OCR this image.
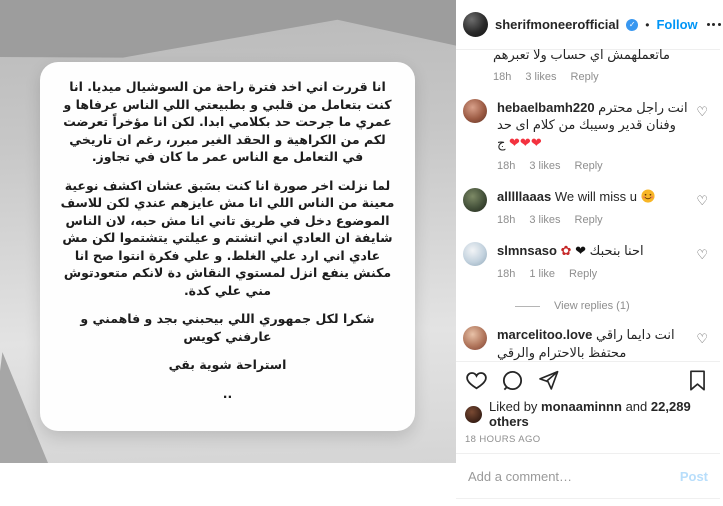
انا قررت اني اخد فترة راحة من السوشيال ميديا. انا كنت بتعامل من قلبي و بطبيعتي اللي الناس عرفاها و عمري ما جرحت حد بكلامي ابدا. لكن انا مؤخراً تعرضت لكم من الكراهية و الحقد الغير مبرر، رغم ان تاريخي في التعامل مع الناس عمر ما كان في تجاوز.

لما نزلت اخر صورة انا كنت بسَبق عشان اكشف نوعية معينة من الناس اللي انا مش عايزهم عندي لكن للاسف الموضوع دخل في طريق تاني انا مش حبه، لان الناس شايفة ان العادي اني اتشتم و عيلتي يتشتموا لكن مش عادي اني ارد علي الغلط. و علي فكرة انتوا صح انا مكنش ينفع انزل لمستوي النقاش دة لانكم متعودتوش مني علي كدة.

شكرا لكل جمهوري اللي بيحبني بجد و فاهمني و عارفني كويس

استراحة شوية بقي

..

sherifmoneerofficial	✓ • Follow
ماتعملهمش اي حساب ولا تعبرهم
18h 3 likes Reply
hebaelbamh220 انت راجل محترم وفنان قدير وسيبك من كلام اى حد ❤❤❤ ج
18h 3 likes Reply
♡
alllllaaas We will miss u
18h 3 likes Reply
♡
slmnsaso	احنا بنحبك ❤ ✿
18h 1 like Reply
♡
View replies (1)
marcelitoo.love انت دايما راقي
محتفظ بالاحترام والرقي
♡
Liked by monaaminnn and 22,289 others
18 HOURS AGO
Add a comment…
Post
